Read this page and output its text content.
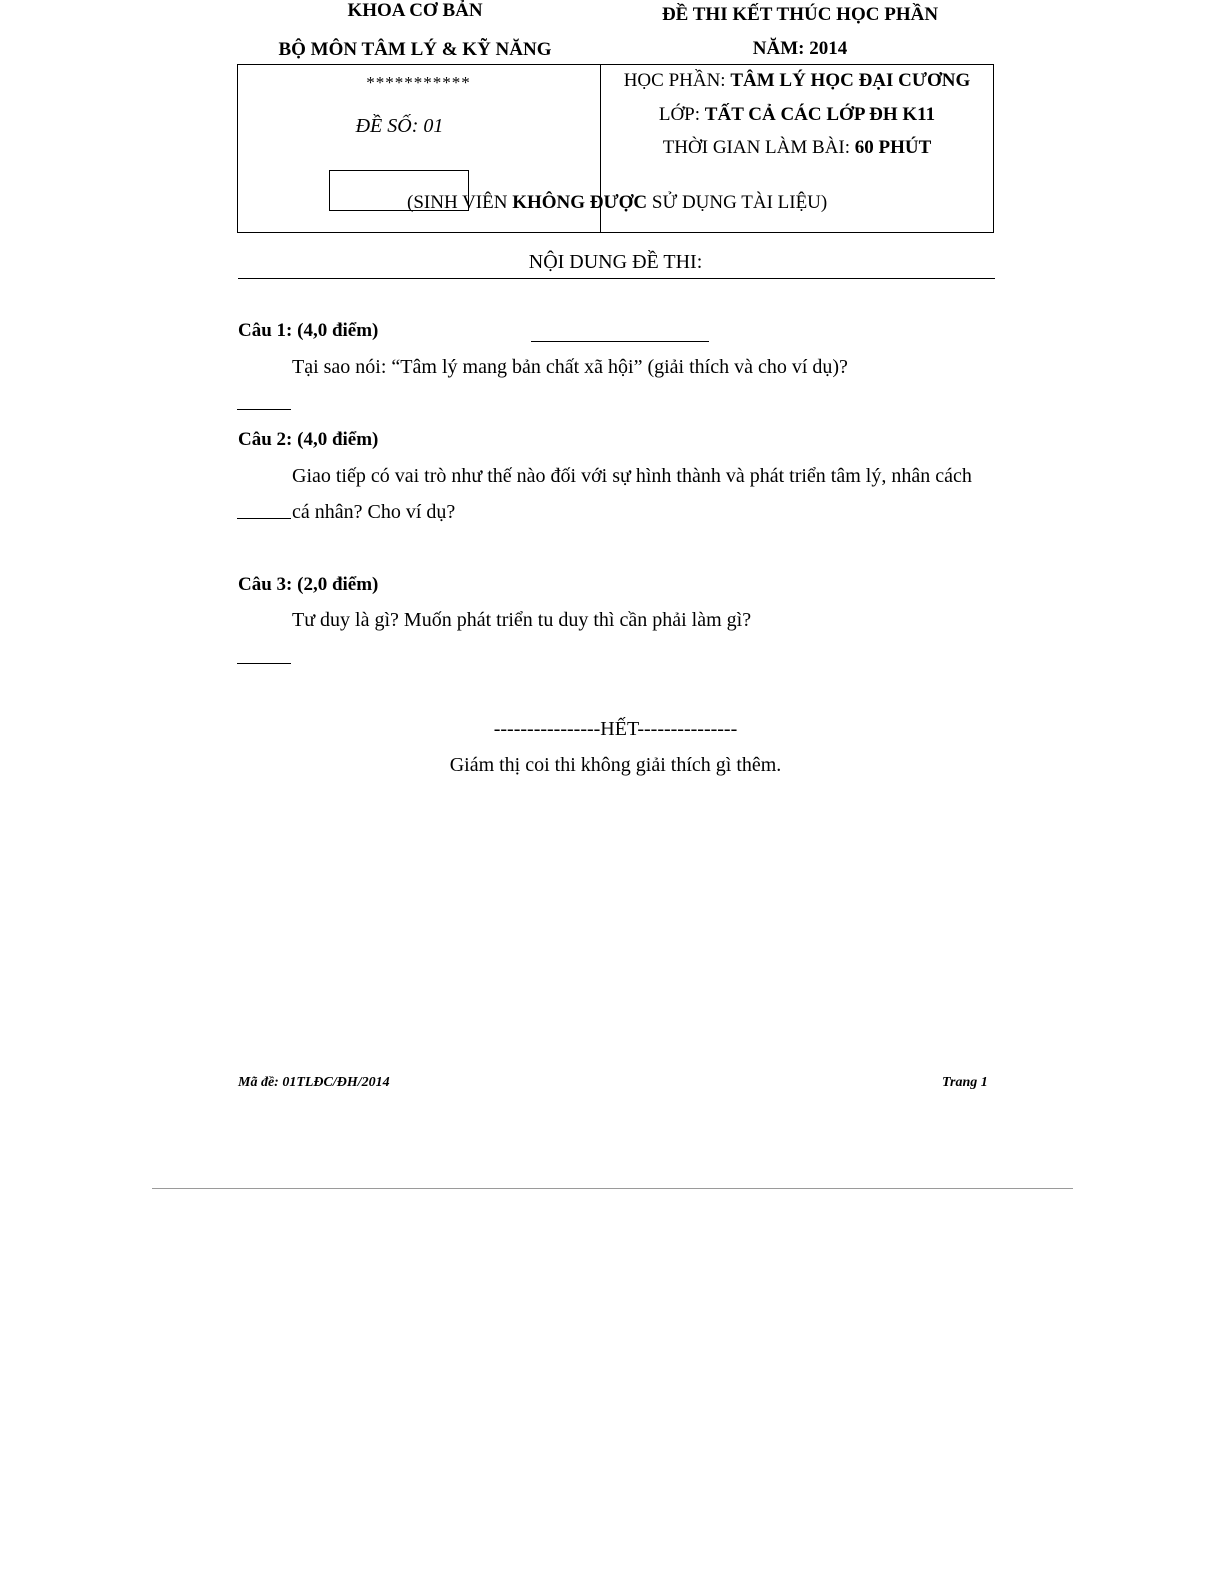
KHOA CƠ BẢN
BỘ MÔN TÂM LÝ & KỸ NĂNG
ĐỀ THI KẾT THÚC HỌC PHẦN
NĂM: 2014
***********
ĐỀ SỐ: 01
HỌC PHẦN: TÂM LÝ HỌC ĐẠI CƯƠNG
LỚP: TẤT CẢ CÁC LỚP ĐH K11
THỜI GIAN LÀM BÀI: 60 PHÚT
(SINH VIÊN KHÔNG ĐƯỢC SỬ DỤNG TÀI LIỆU)
NỘI DUNG ĐỀ THI:
Câu 1: (4,0 điểm)
Tại sao nói: “Tâm lý mang bản chất xã hội” (giải thích và cho ví dụ)?
Câu 2: (4,0 điểm)
Giao tiếp có vai trò như thế nào đối với sự hình thành và phát triển tâm lý, nhân cách
cá nhân? Cho ví dụ?
Câu 3: (2,0 điểm)
Tư duy là gì? Muốn phát triển tu duy thì cần phải làm gì?
----------------HẾT---------------
Giám thị coi thi không giải thích gì thêm.
Mã đề: 01TLĐC/ĐH/2014	Trang 1
